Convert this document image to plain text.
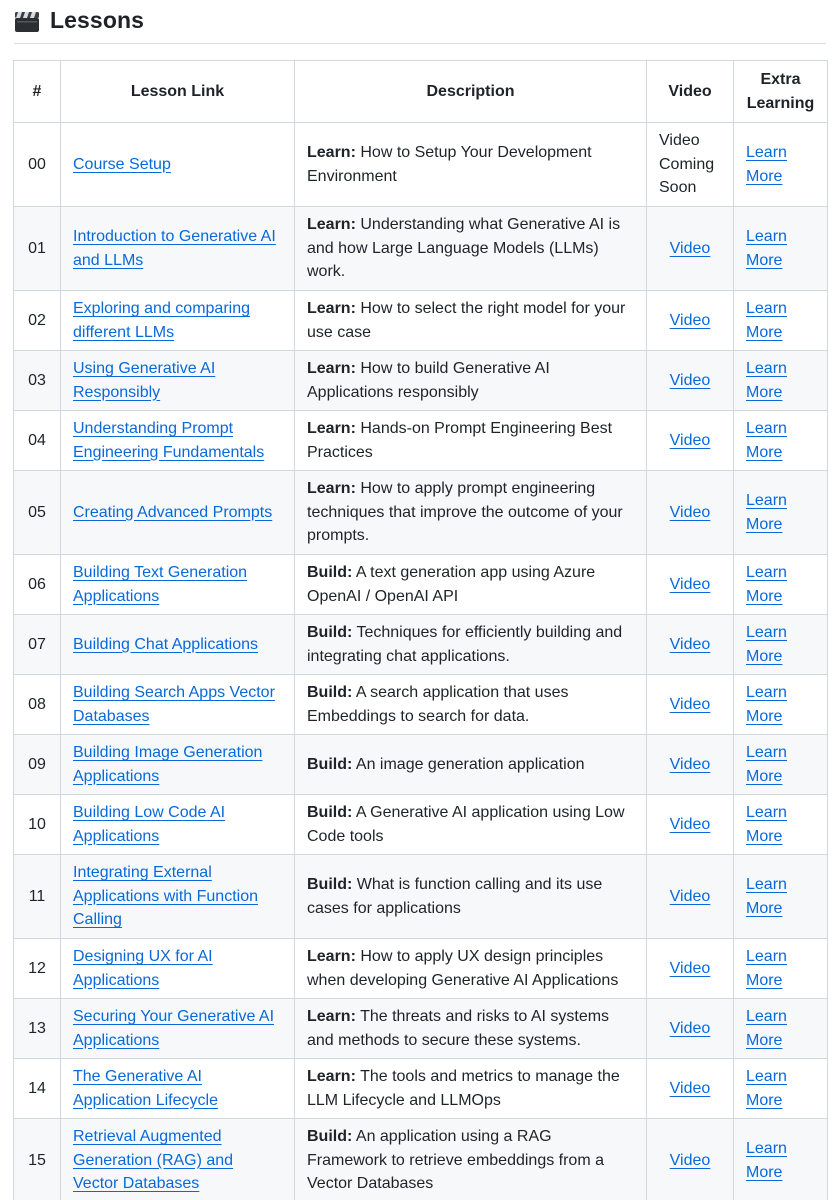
Lessons
#	Lesson Link	Description	Video	Extra Learning
00	Course Setup	Learn: How to Setup Your Development Environment	Video Coming Soon	Learn More
01	Introduction to Generative AI and LLMs	Learn: Understanding what Generative AI is and how Large Language Models (LLMs) work.	Video	Learn More
02	Exploring and comparing different LLMs	Learn: How to select the right model for your use case	Video	Learn More
03	Using Generative AI Responsibly	Learn: How to build Generative AI Applications responsibly	Video	Learn More
04	Understanding Prompt Engineering Fundamentals	Learn: Hands-on Prompt Engineering Best Practices	Video	Learn More
05	Creating Advanced Prompts	Learn: How to apply prompt engineering techniques that improve the outcome of your prompts.	Video	Learn More
06	Building Text Generation Applications	Build: A text generation app using Azure OpenAI / OpenAI API	Video	Learn More
07	Building Chat Applications	Build: Techniques for efficiently building and integrating chat applications.	Video	Learn More
08	Building Search Apps Vector Databases	Build: A search application that uses Embeddings to search for data.	Video	Learn More
09	Building Image Generation Applications	Build: An image generation application	Video	Learn More
10	Building Low Code AI Applications	Build: A Generative AI application using Low Code tools	Video	Learn More
11	Integrating External Applications with Function Calling	Build: What is function calling and its use cases for applications	Video	Learn More
12	Designing UX for AI Applications	Learn: How to apply UX design principles when developing Generative AI Applications	Video	Learn More
13	Securing Your Generative AI Applications	Learn: The threats and risks to AI systems and methods to secure these systems.	Video	Learn More
14	The Generative AI Application Lifecycle	Learn: The tools and metrics to manage the LLM Lifecycle and LLMOps	Video	Learn More
15	Retrieval Augmented Generation (RAG) and Vector Databases	Build: An application using a RAG Framework to retrieve embeddings from a Vector Databases	Video	Learn More
